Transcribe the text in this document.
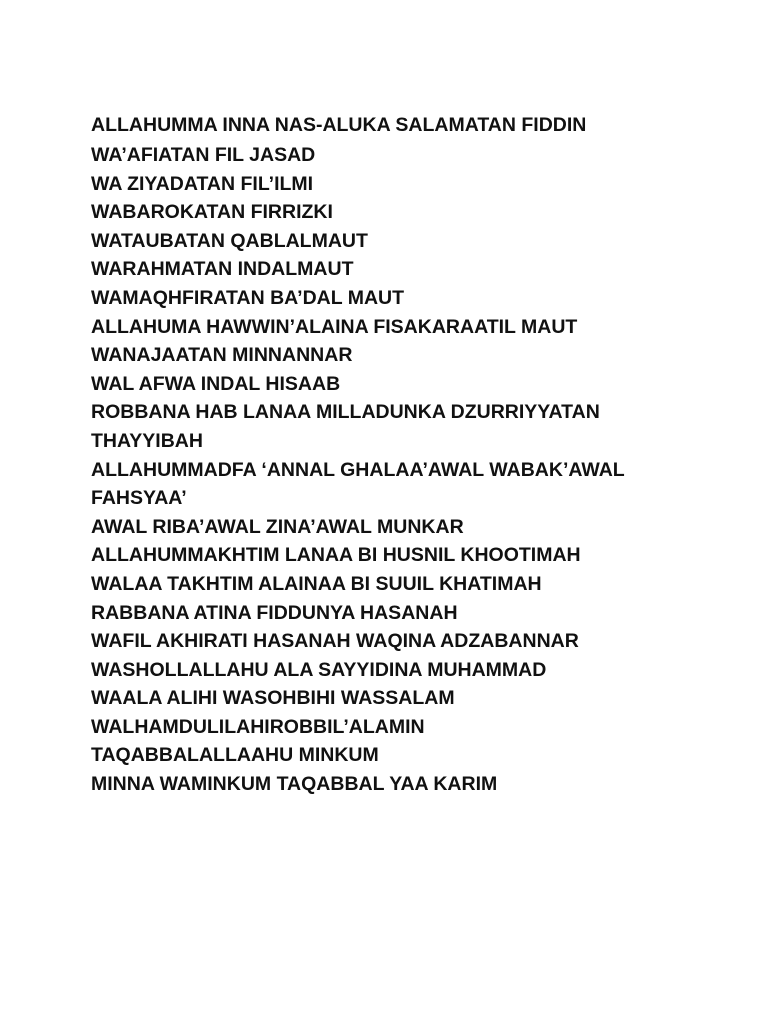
ALLAHUMMA INNA NAS-ALUKA SALAMATAN FIDDIN
WA’AFIATAN FIL JASAD
WA ZIYADATAN FIL’ILMI
WABAROKATAN FIRRIZKI
WATAUBATAN QABLALMAUT
WARAHMATAN INDALMAUT
WAMAQHFIRATAN BA’DAL MAUT
ALLAHUMA HAWWIN’ALAINA FISAKARAATIL MAUT
WANAJAATAN MINNANNAR
WAL AFWA INDAL HISAAB
ROBBANA HAB LANAA MILLADUNKA DZURRIYYATAN
THAYYIBAH
ALLAHUMMADFA ‘ANNAL GHALAA’AWAL WABAK’AWAL
FAHSYAA’
AWAL RIBA’AWAL ZINA’AWAL MUNKAR
ALLAHUMMAKHTIM LANAA BI HUSNIL KHOOTIMAH
WALAA TAKHTIM ALAINAA BI SUUIL KHATIMAH
RABBANA ATINA FIDDUNYA HASANAH
WAFIL AKHIRATI HASANAH WAQINA ADZABANNAR
WASHOLLALLAHU ALA SAYYIDINA MUHAMMAD
WAALA ALIHI WASOHBIHI WASSALAM
WALHAMDULILAHIROBBIL’ALAMIN
TAQABBALALLAAHU MINKUM
MINNA WAMINKUM TAQABBAL YAA KARIM
